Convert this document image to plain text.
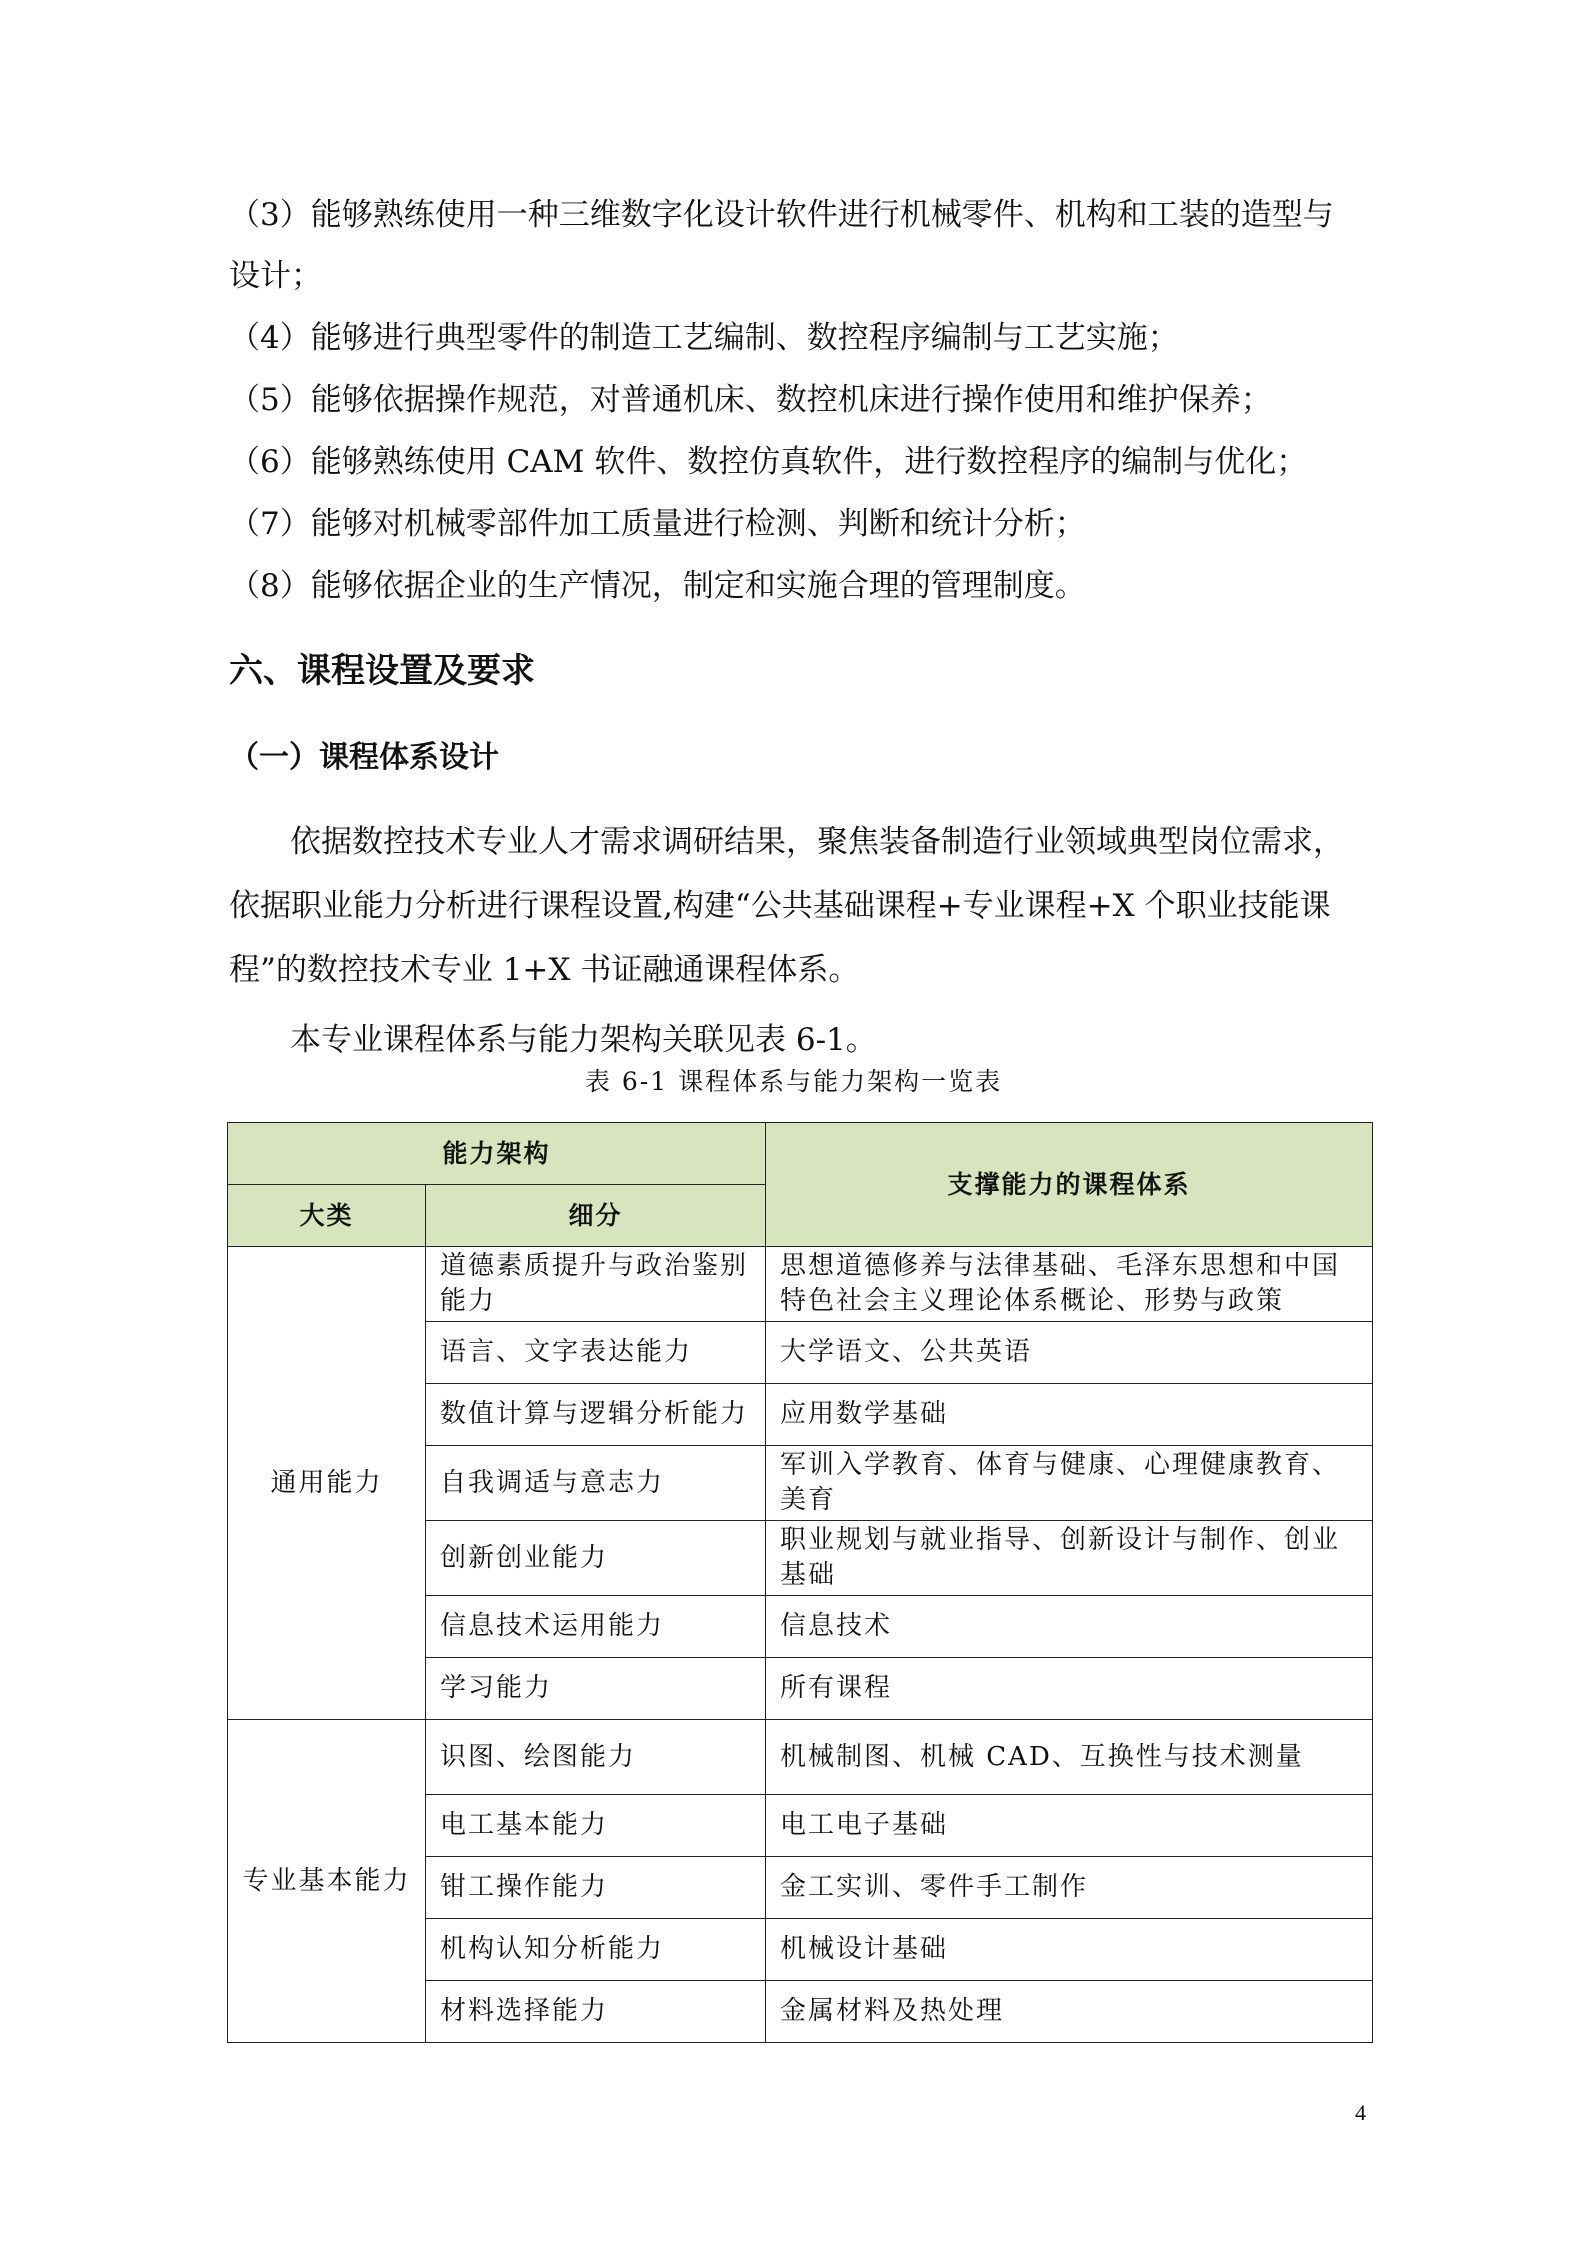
（3）能够熟练使用一种三维数字化设计软件进行机械零件、机构和工装的造型与
设计；
（4）能够进行典型零件的制造工艺编制、数控程序编制与工艺实施；
（5）能够依据操作规范，对普通机床、数控机床进行操作使用和维护保养；
（6）能够熟练使用 CAM 软件、数控仿真软件，进行数控程序的编制与优化；
（7）能够对机械零部件加工质量进行检测、判断和统计分析；
（8）能够依据企业的生产情况，制定和实施合理的管理制度。
六、课程设置及要求
（一）课程体系设计
依据数控技术专业人才需求调研结果，聚焦装备制造行业领域典型岗位需求，
依据职业能力分析进行课程设置,构建“公共基础课程+专业课程+X 个职业技能课
程”的数控技术专业 1+X 书证融通课程体系。
本专业课程体系与能力架构关联见表 6-1。
表 6-1 课程体系与能力架构一览表
能力架构		支撑能力的课程体系
大类	细分	
通用能力	道德素质提升与政治鉴别能力	思想道德修养与法律基础、毛泽东思想和中国特色社会主义理论体系概论、形势与政策
	语言、文字表达能力	大学语文、公共英语
	数值计算与逻辑分析能力	应用数学基础
	自我调适与意志力	军训入学教育、体育与健康、心理健康教育、美育
	创新创业能力	职业规划与就业指导、创新设计与制作、创业基础
	信息技术运用能力	信息技术
	学习能力	所有课程
专业基本能力	识图、绘图能力	机械制图、机械 CAD、互换性与技术测量
	电工基本能力	电工电子基础
	钳工操作能力	金工实训、零件手工制作
	机构认知分析能力	机械设计基础
	材料选择能力	金属材料及热处理
4
